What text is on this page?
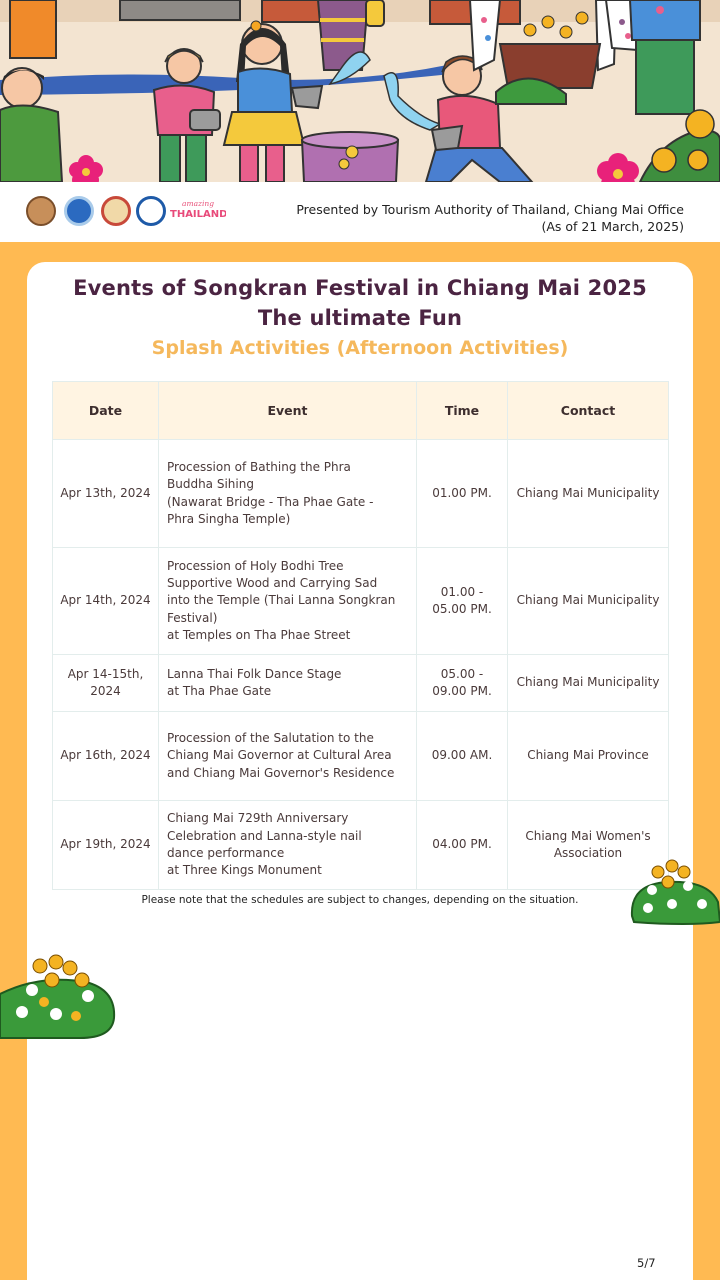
amazing
THAILAND	Presented by Tourism Authority of Thailand, Chiang Mai Office
(As of 21 March, 2025)
Events of Songkran Festival in Chiang Mai 2025
The ultimate Fun
Splash Activities (Afternoon Activities)
Date	Event	Time	Contact
Apr 13th, 2024	Procession of Bathing the Phra
Buddha Sihing
(Nawarat Bridge - Tha Phae Gate -
Phra Singha Temple)	01.00 PM.	Chiang Mai Municipality
Apr 14th, 2024	Procession of Holy Bodhi Tree
Supportive Wood and Carrying Sad
into the Temple (Thai Lanna Songkran
Festival)
at Temples on Tha Phae Street	01.00 - 05.00 PM.	Chiang Mai Municipality
Apr 14-15th, 2024	Lanna Thai Folk Dance Stage
at Tha Phae Gate	05.00 - 09.00 PM.	Chiang Mai Municipality
Apr 16th, 2024	Procession of the Salutation to the
Chiang Mai Governor at Cultural Area
and Chiang Mai Governor's Residence	09.00 AM.	Chiang Mai Province
Apr 19th, 2024	Chiang Mai 729th Anniversary
Celebration and Lanna-style nail
dance performance
at Three Kings Monument	04.00 PM.	Chiang Mai Women's Association
Please note that the schedules are subject to changes, depending on the situation.
5/7
